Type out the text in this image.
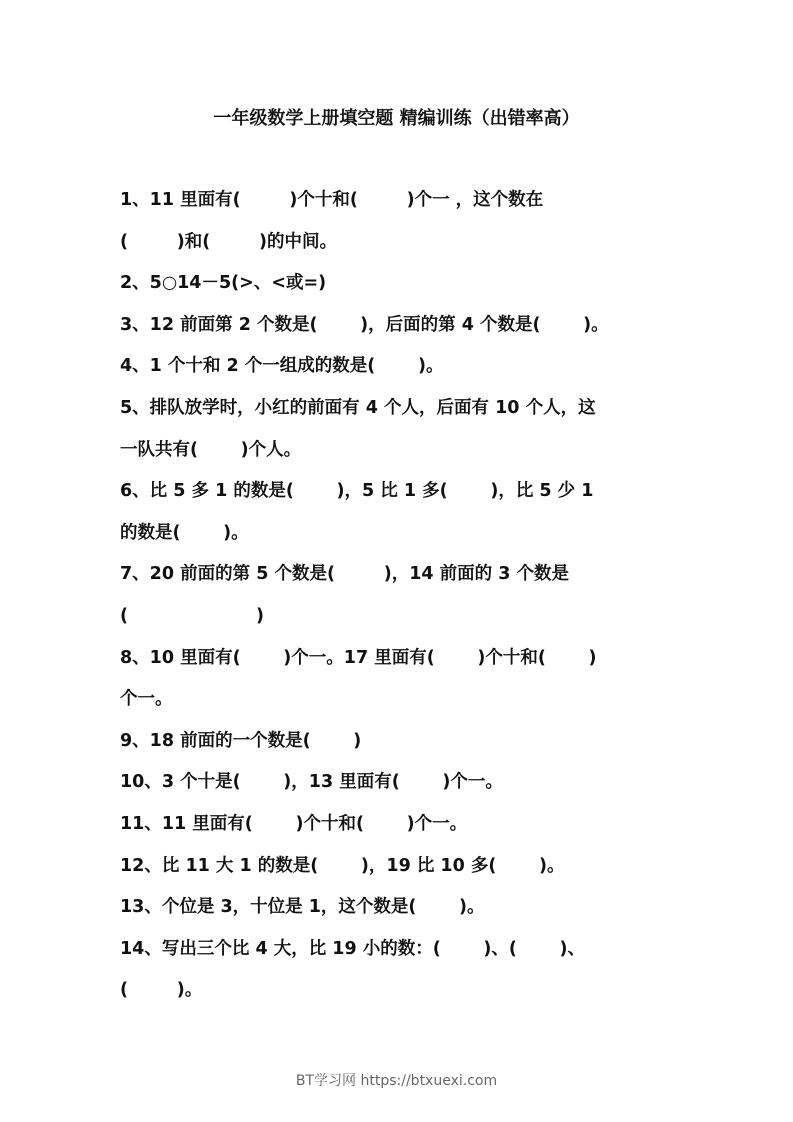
一年级数学上册填空题 精编训练（出错率高）
1、11 里面有(        )个十和(        )个一 ，这个数在
(        )和(        )的中间。
2、5○14－5(>、<或=)
3、12 前面第 2 个数是(       )，后面的第 4 个数是(       )。
4、1 个十和 2 个一组成的数是(       )。
5、排队放学时，小红的前面有 4 个人，后面有 10 个人，这
一队共有(       )个人。
6、比 5 多 1 的数是(       )，5 比 1 多(       )，比 5 少 1
的数是(       )。
7、20 前面的第 5 个数是(        )，14 前面的 3 个数是
(                     )
8、10 里面有(       )个一。17 里面有(       )个十和(       )
个一。
9、18 前面的一个数是(       )
10、3 个十是(       )，13 里面有(       )个一。
11、11 里面有(       )个十和(       )个一。
12、比 11 大 1 的数是(       )，19 比 10 多(       )。
13、个位是 3，十位是 1，这个数是(       )。
14、写出三个比 4 大，比 19 小的数：(       )、(       )、
(        )。
BT学习网 https://btxuexi.com
